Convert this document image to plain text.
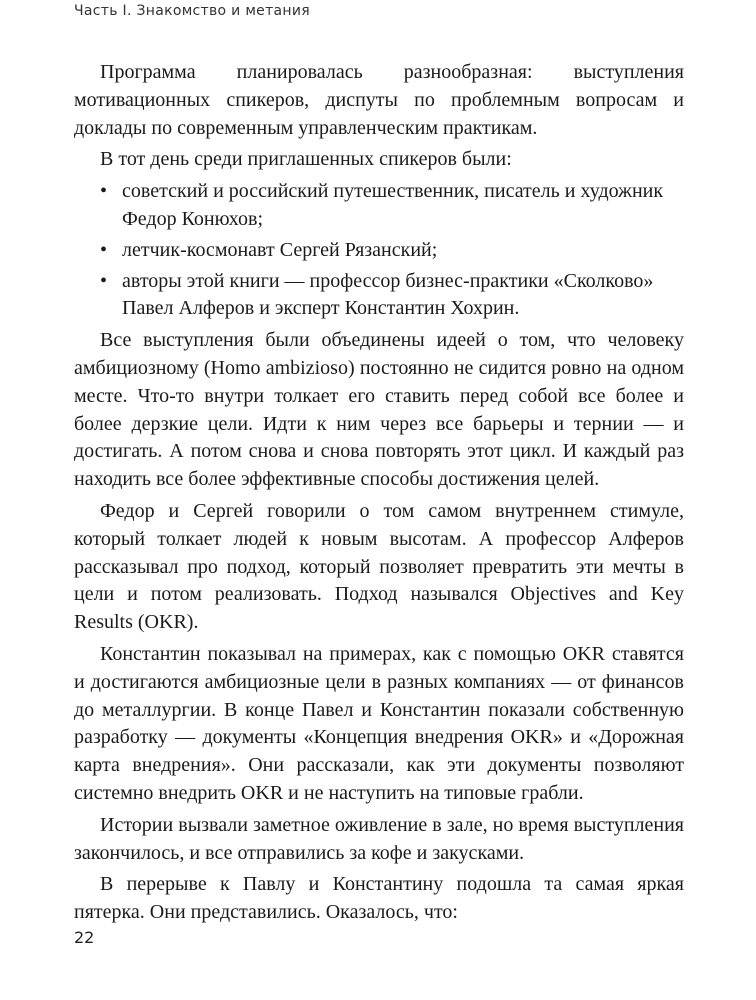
Часть I. Знакомство и метания

Программа планировалась разнообразная: выступления мотивационных спикеров, диспуты по проблемным вопросам и доклады по современным управленческим практикам.

В тот день среди приглашенных спикеров были:

• советский и российский путешественник, писатель и художник Федор Конюхов;
• летчик-космонавт Сергей Рязанский;
• авторы этой книги — профессор бизнес-практики «Сколково» Павел Алферов и эксперт Константин Хохрин.

Все выступления были объединены идеей о том, что человеку амбициозному (Homo ambizioso) постоянно не сидится ровно на одном месте. Что-то внутри толкает его ставить перед собой все более и более дерзкие цели. Идти к ним через все барьеры и тернии — и достигать. А потом снова и снова повторять этот цикл. И каждый раз находить все более эффективные способы достижения целей.

Федор и Сергей говорили о том самом внутреннем стимуле, который толкает людей к новым высотам. А профессор Алферов рассказывал про подход, который позволяет превратить эти мечты в цели и потом реализовать. Подход назывался Objectives and Key Results (OKR).

Константин показывал на примерах, как с помощью OKR ставятся и достигаются амбициозные цели в разных компаниях — от финансов до металлургии. В конце Павел и Константин показали собственную разработку — документы «Концепция внедрения OKR» и «Дорожная карта внедрения». Они рассказали, как эти документы позволяют системно внедрить OKR и не наступить на типовые грабли.

Истории вызвали заметное оживление в зале, но время выступления закончилось, и все отправились за кофе и закусками.

В перерыве к Павлу и Константину подошла та самая яркая пятерка. Они представились. Оказалось, что:

22
